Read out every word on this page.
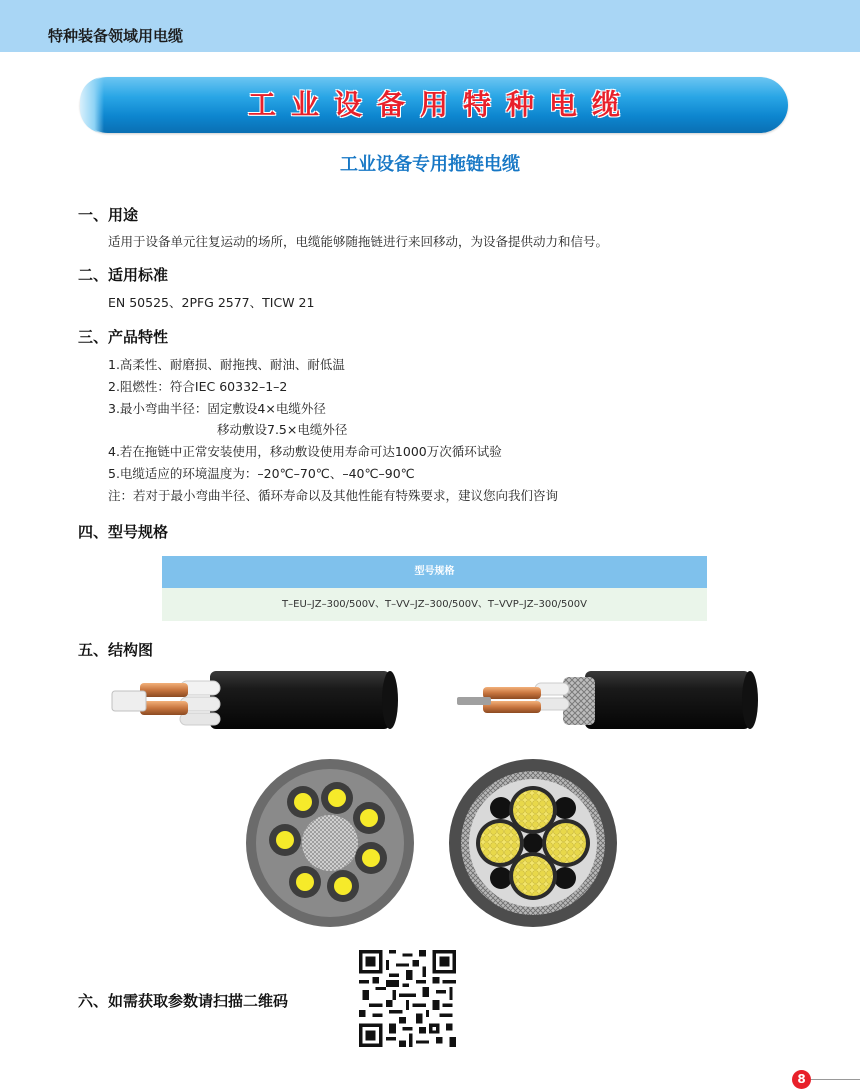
特种装备领域用电缆
工业设备用特种电缆
工业设备专用拖链电缆
一、用途
适用于设备单元往复运动的场所，电缆能够随拖链进行来回移动，为设备提供动力和信号。
二、适用标准
EN 50525、2PFG 2577、TICW 21
三、产品特性
1.高柔性、耐磨损、耐拖拽、耐油、耐低温
2.阻燃性：符合IEC 60332–1–2
3.最小弯曲半径：固定敷设4×电缆外径
移动敷设7.5×电缆外径
4.若在拖链中正常安装使用，移动敷设使用寿命可达1000万次循环试验
5.电缆适应的环境温度为：–20℃–70℃、–40℃–90℃
注：若对于最小弯曲半径、循环寿命以及其他性能有特殊要求，建议您向我们咨询
四、型号规格
型号规格
T–EU–JZ–300/500V、T–VV–JZ–300/500V、T–VVP–JZ–300/500V
五、结构图
六、如需获取参数请扫描二维码
8
